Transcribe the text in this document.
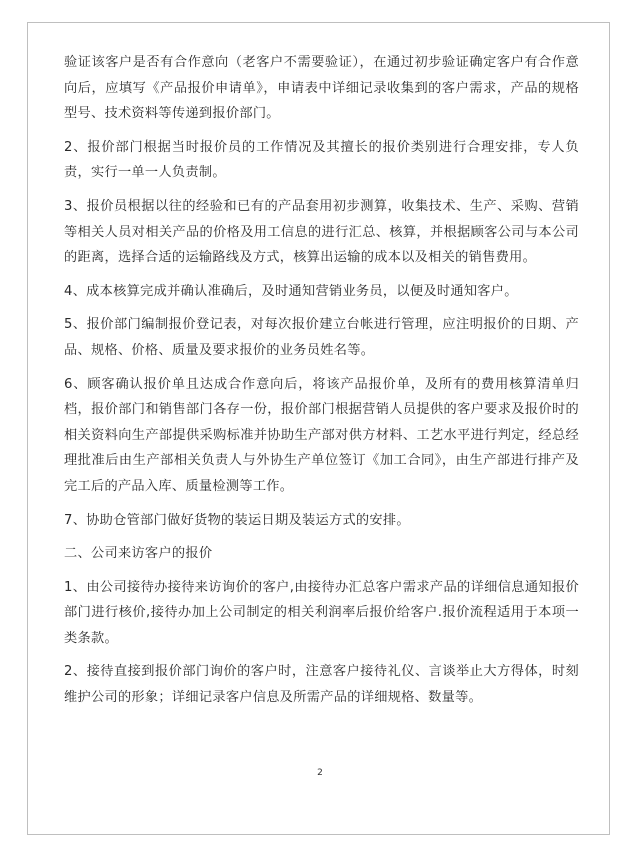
验证该客户是否有合作意向（老客户不需要验证），在通过初步验证确定客户有合作意向后，应填写《产品报价申请单》，申请表中详细记录收集到的客户需求，产品的规格型号、技术资料等传递到报价部门。

2、报价部门根据当时报价员的工作情况及其擅长的报价类别进行合理安排，专人负责，实行一单一人负责制。

3、报价员根据以往的经验和已有的产品套用初步测算，收集技术、生产、采购、营销等相关人员对相关产品的价格及用工信息的进行汇总、核算，并根据顾客公司与本公司的距离，选择合适的运输路线及方式，核算出运输的成本以及相关的销售费用。

4、成本核算完成并确认准确后，及时通知营销业务员，以便及时通知客户。

5、报价部门编制报价登记表，对每次报价建立台帐进行管理，应注明报价的日期、产品、规格、价格、质量及要求报价的业务员姓名等。

6、顾客确认报价单且达成合作意向后，将该产品报价单，及所有的费用核算清单归档，报价部门和销售部门各存一份，报价部门根据营销人员提供的客户要求及报价时的相关资料向生产部提供采购标准并协助生产部对供方材料、工艺水平进行判定，经总经理批准后由生产部相关负责人与外协生产单位签订《加工合同》，由生产部进行排产及完工后的产品入库、质量检测等工作。

7、协助仓管部门做好货物的装运日期及装运方式的安排。

二、公司来访客户的报价

1、由公司接待办接待来访询价的客户,由接待办汇总客户需求产品的详细信息通知报价部门进行核价,接待办加上公司制定的相关利润率后报价给客户.报价流程适用于本项一类条款。

2、接待直接到报价部门询价的客户时，注意客户接待礼仪、言谈举止大方得体，时刻维护公司的形象；详细记录客户信息及所需产品的详细规格、数量等。

2
